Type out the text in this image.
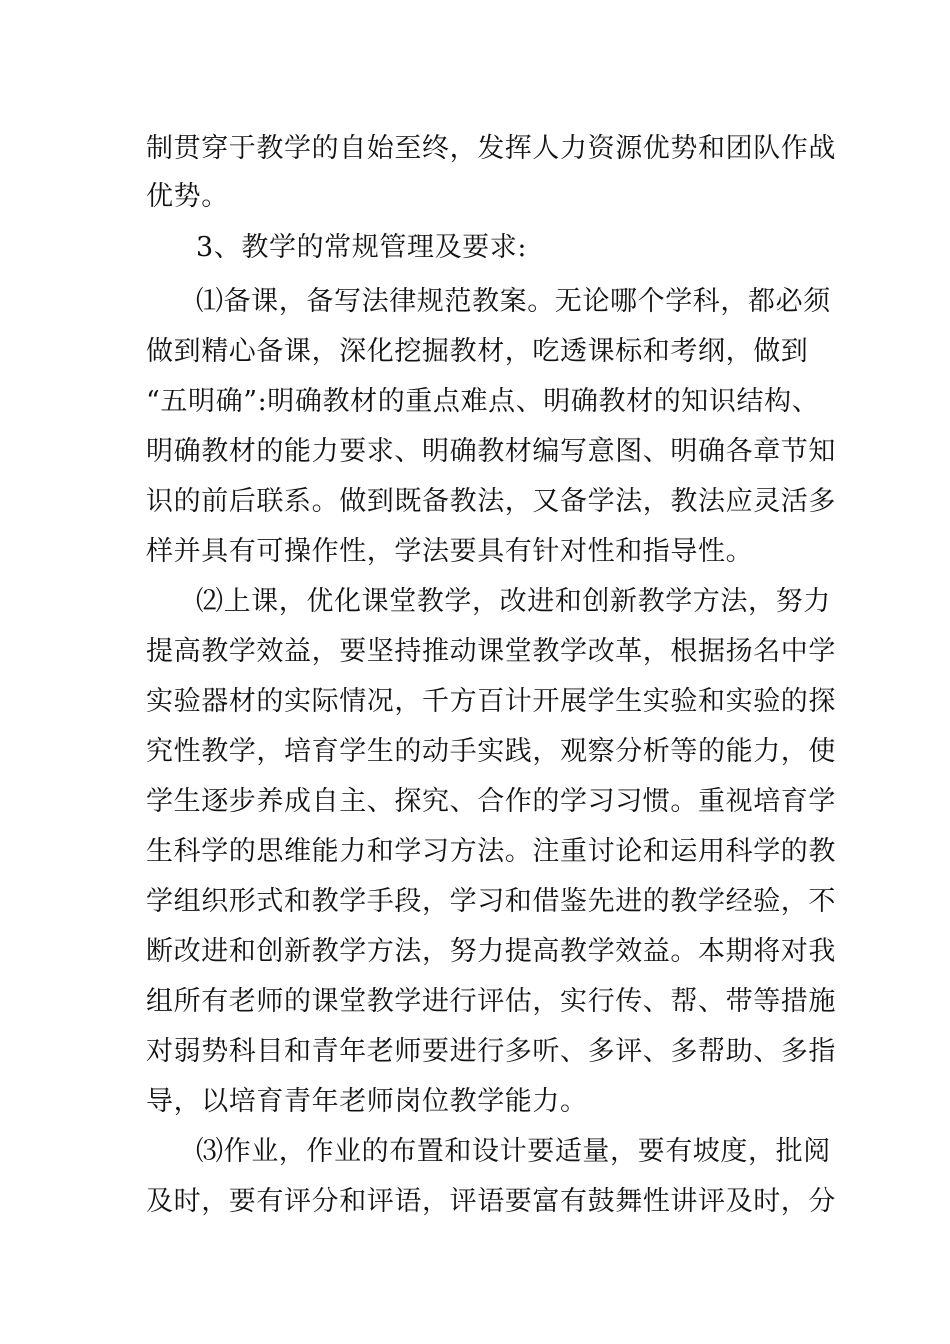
制贯穿于教学的自始至终，发挥人力资源优势和团队作战
优势。
3、教学的常规管理及要求:
⑴备课，备写法律规范教案。无论哪个学科，都必须
做到精心备课，深化挖掘教材，吃透课标和考纲，做到
“五明确”:明确教材的重点难点、明确教材的知识结构、
明确教材的能力要求、明确教材编写意图、明确各章节知
识的前后联系。做到既备教法，又备学法，教法应灵活多
样并具有可操作性，学法要具有针对性和指导性。
⑵上课，优化课堂教学，改进和创新教学方法，努力
提高教学效益，要坚持推动课堂教学改革，根据扬名中学
实验器材的实际情况，千方百计开展学生实验和实验的探
究性教学，培育学生的动手实践，观察分析等的能力，使
学生逐步养成自主、探究、合作的学习习惯。重视培育学
生科学的思维能力和学习方法。注重讨论和运用科学的教
学组织形式和教学手段，学习和借鉴先进的教学经验，不
断改进和创新教学方法，努力提高教学效益。本期将对我
组所有老师的课堂教学进行评估，实行传、帮、带等措施
对弱势科目和青年老师要进行多听、多评、多帮助、多指
导，以培育青年老师岗位教学能力。
⑶作业，作业的布置和设计要适量，要有坡度，批阅
及时，要有评分和评语，评语要富有鼓舞性讲评及时，分
